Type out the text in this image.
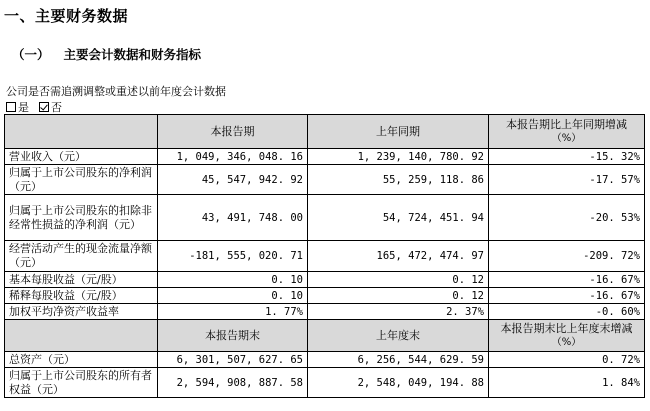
一、主要财务数据
（一） 主要会计数据和财务指标
公司是否需追溯调整或重述以前年度会计数据
是 否
	本报告期	上年同期	本报告期比上年同期增减
（%）

营业收入（元）	1, 049, 346, 048. 16	1, 239, 140, 780. 92	-15. 32%
归属于上市公司股东的净利润（元）	45, 547, 942. 92	55, 259, 118. 86	-17. 57%
归属于上市公司股东的扣除非经常性损益的净利润（元）	43, 491, 748. 00	54, 724, 451. 94	-20. 53%
经营活动产生的现金流量净额（元）	-181, 555, 020. 71	165, 472, 474. 97	-209. 72%
基本每股收益（元/股）	0. 10	0. 12	-16. 67%
稀释每股收益（元/股）	0. 10	0. 12	-16. 67%
加权平均净资产收益率	1. 77%	2. 37%	-0. 60%
	本报告期末	上年度末	本报告期末比上年度末增减
（%）

总资产（元）	6, 301, 507, 627. 65	6, 256, 544, 629. 59	0. 72%
归属于上市公司股东的所有者权益（元）	2, 594, 908, 887. 58	2, 548, 049, 194. 88	1. 84%
